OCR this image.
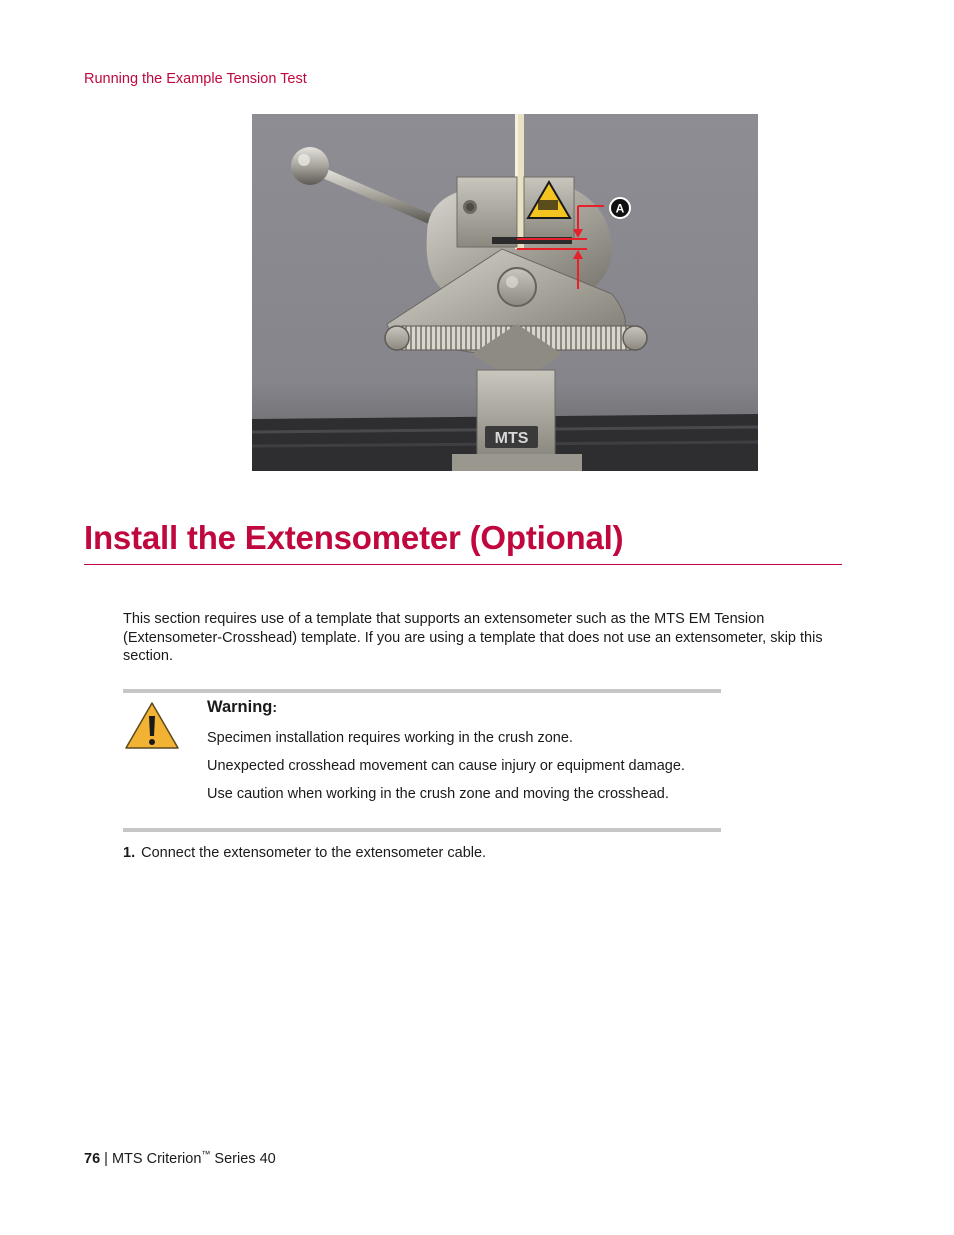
Running the Example Tension Test
MTS
A
Install the Extensometer (Optional)

This section requires use of a template that supports an extensometer such as the MTS EM Tension (Extensometer-Crosshead) template. If you are using a template that does not use an extensometer, skip this section.

Warning:
Specimen installation requires working in the crush zone.
Unexpected crosshead movement can cause injury or equipment damage.
Use caution when working in the crush zone and moving the crosshead.
1. Connect the extensometer to the extensometer cable.
76 | MTS Criterion™ Series 40
